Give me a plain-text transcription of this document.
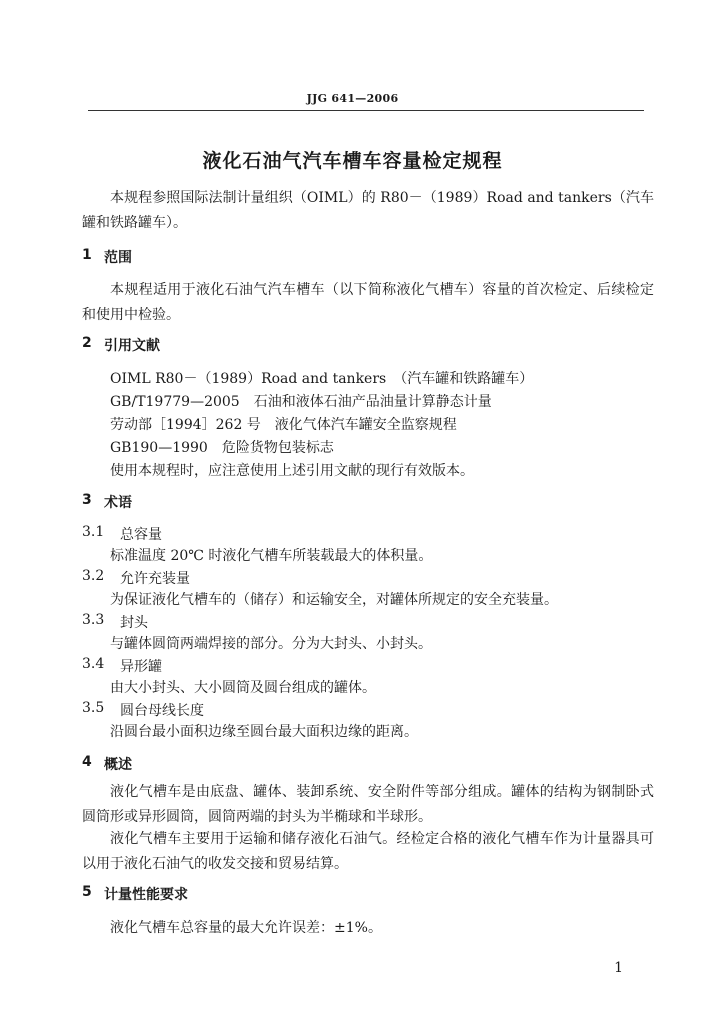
JJG 641—2006
液化石油气汽车槽车容量检定规程
本规程参照国际法制计量组织（OIML）的 R80－（1989）Road and tankers（汽车罐和铁路罐车）。
1 范围
本规程适用于液化石油气汽车槽车（以下简称液化气槽车）容量的首次检定、后续检定和使用中检验。
2 引用文献
OIML R80－（1989）Road and tankers　（汽车罐和铁路罐车）
GB/T19779—2005　石油和液体石油产品油量计算静态计量
劳动部［1994］262 号　液化气体汽车罐安全监察规程
GB190—1990　危险货物包装标志
使用本规程时，应注意使用上述引用文献的现行有效版本。
3 术语
3.1 总容量
标准温度 20℃ 时液化气槽车所装载最大的体积量。
3.2 允许充装量
为保证液化气槽车的（储存）和运输安全，对罐体所规定的安全充装量。
3.3 封头
与罐体圆筒两端焊接的部分。分为大封头、小封头。
3.4 异形罐
由大小封头、大小圆筒及圆台组成的罐体。
3.5 圆台母线长度
沿圆台最小面积边缘至圆台最大面积边缘的距离。
4 概述
液化气槽车是由底盘、罐体、装卸系统、安全附件等部分组成。罐体的结构为钢制卧式圆筒形或异形圆筒，圆筒两端的封头为半椭球和半球形。
液化气槽车主要用于运输和储存液化石油气。经检定合格的液化气槽车作为计量器具可以用于液化石油气的收发交接和贸易结算。
5 计量性能要求
液化气槽车总容量的最大允许误差：±1%。
1
